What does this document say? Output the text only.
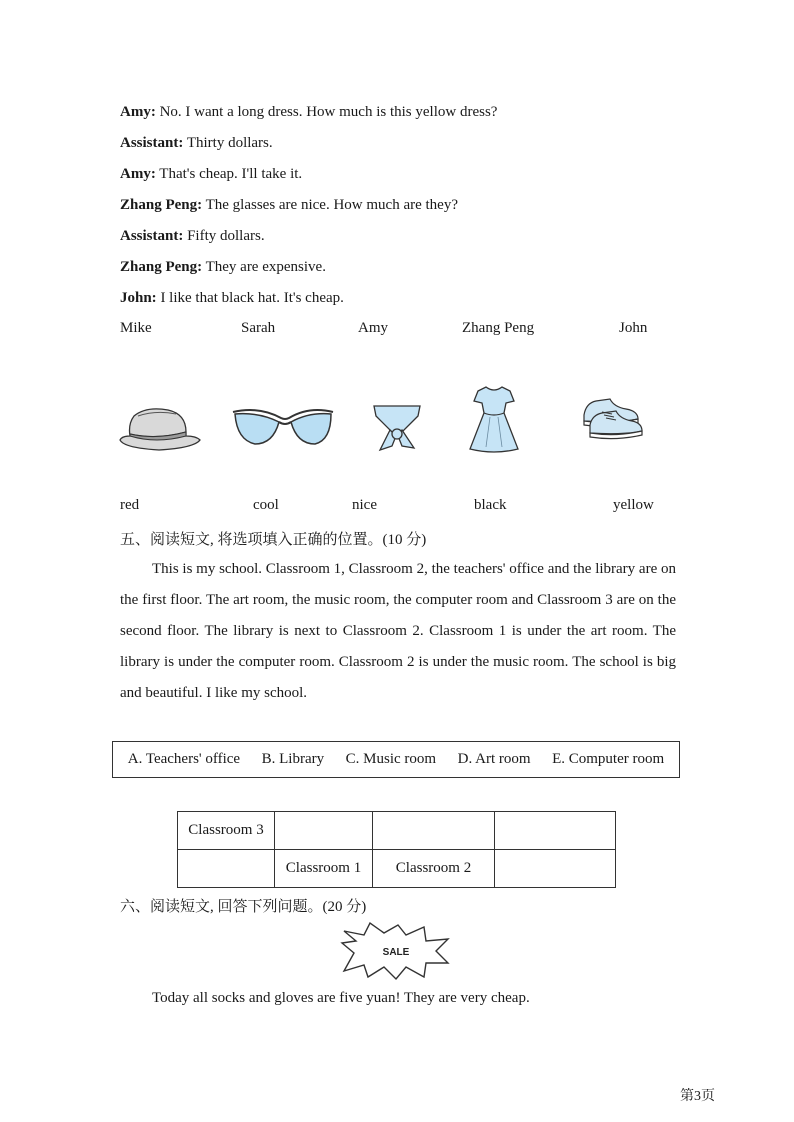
Amy: No. I want a long dress. How much is this yellow dress?
Assistant: Thirty dollars.
Amy: That's cheap. I'll take it.
Zhang Peng: The glasses are nice. How much are they?
Assistant: Fifty dollars.
Zhang Peng: They are expensive.
John: I like that black hat. It's cheap.
Mike	Sarah	Amy	Zhang Peng	John
red	cool	nice	black	yellow
五、阅读短文, 将选项填入正确的位置。(10 分)

This is my school. Classroom 1, Classroom 2, the teachers' office and the library are on the first floor. The art room, the music room, the computer room and Classroom 3 are on the second floor. The library is next to Classroom 2. Classroom 1 is under the art room. The library is under the computer room. Classroom 2 is under the music room. The school is big and beautiful. I like my school.

A. Teachers' office B. Library C. Music room D. Art room E. Computer room
Classroom 3			
	Classroom 1	Classroom 2	
六、阅读短文, 回答下列问题。(20 分)
SALE
Today all socks and gloves are five yuan! They are very cheap.
第3页
